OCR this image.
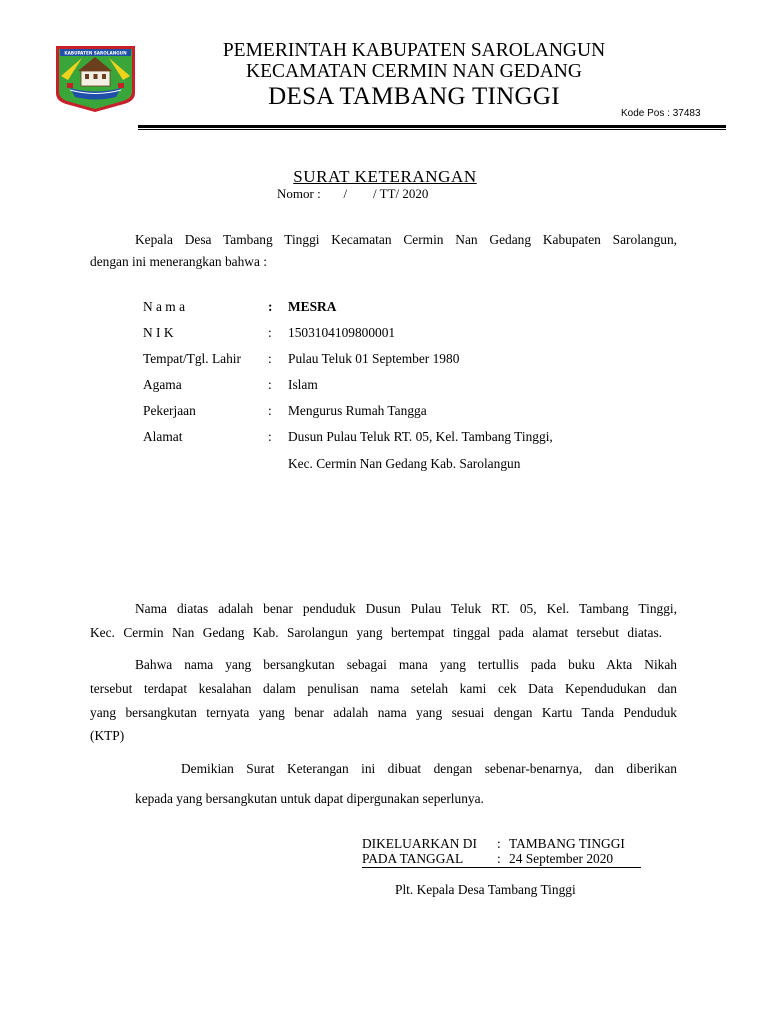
KABUPATEN SAROLANGUN	PEMERINTAH KABUPATEN SAROLANGUN
KECAMATAN CERMIN NAN GEDANG
DESA TAMBANG TINGGI
Kode Pos : 37483
SURAT KETERANGAN
Nomor :       /        / TT/ 2020
Kepala Desa Tambang Tinggi Kecamatan Cermin Nan Gedang Kabupaten Sarolangun,
dengan ini menerangkan bahwa :
N a m a	: MESRA
N I K	: 1503104109800001
Tempat/Tgl. Lahir : Pulau Teluk 01 September 1980
Agama	: Islam
Pekerjaan	: Mengurus Rumah Tangga
Alamat	: Dusun Pulau Teluk RT. 05, Kel. Tambang Tinggi,
Kec. Cermin Nan Gedang Kab. Sarolangun
Nama diatas adalah benar penduduk Dusun Pulau Teluk RT. 05, Kel. Tambang Tinggi,
Kec. Cermin Nan Gedang Kab. Sarolangun yang bertempat tinggal pada alamat tersebut diatas.
Bahwa nama yang bersangkutan sebagai mana yang tertullis pada buku Akta Nikah
tersebut terdapat kesalahan dalam penulisan nama setelah kami cek Data Kependudukan dan
yang bersangkutan ternyata yang benar adalah nama yang sesuai dengan Kartu Tanda Penduduk
(KTP)
Demikian Surat Keterangan ini dibuat dengan sebenar-benarnya, dan diberikan
kepada yang bersangkutan untuk dapat dipergunakan seperlunya.
DIKELUARKAN DI : TAMBANG TINGGI
PADA TANGGAL	: 24 September 2020
Plt. Kepala Desa Tambang Tinggi
